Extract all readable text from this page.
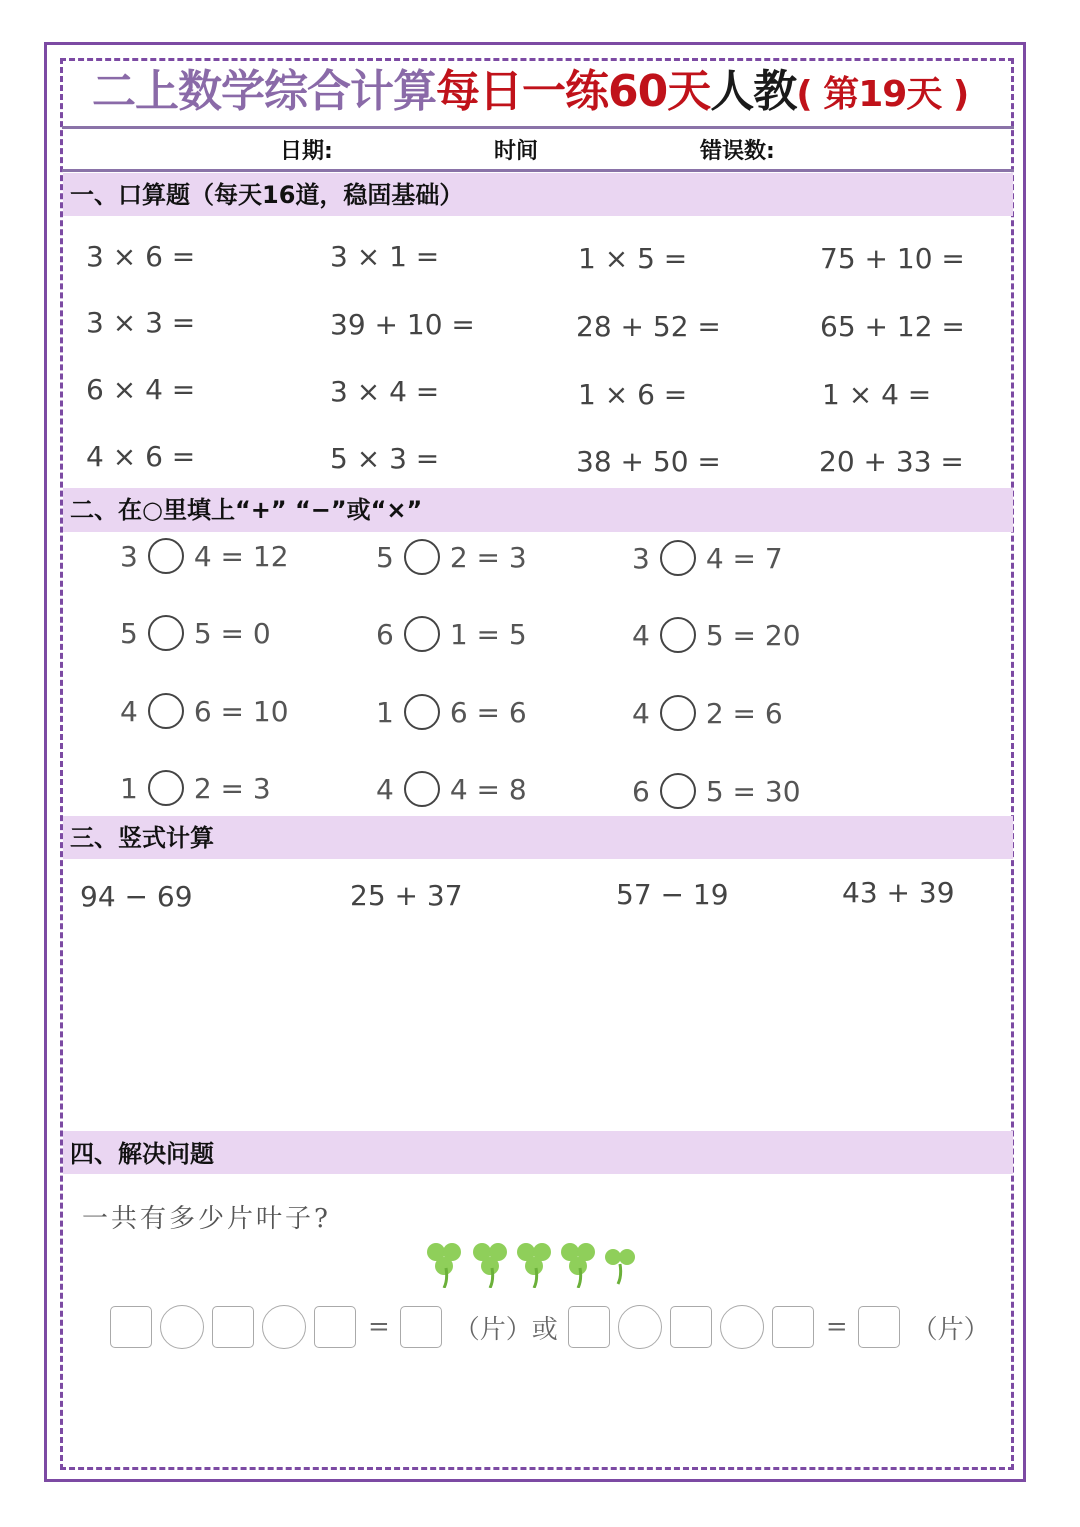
二上数学综合计算每日一练60天人教( 第19天 )
日期:	时间	错误数:
一、口算题（每天16道，稳固基础）
3 × 6 =	3 × 1 =	1 × 5 =	75 + 10 =
3 × 3 =	39 + 10 =	28 + 52 =	65 + 12 =
6 × 4 =	3 × 4 =	1 × 6 =	1 × 4 =
4 × 6 =	5 × 3 =	38 + 50 =	20 + 33 =
二、在○里填上“+” “−”或“×”
3 4 = 12	5 2 = 3	3 4 = 7
5 5 = 0	6 1 = 5	4 5 = 20
4 6 = 10	1 6 = 6	4 2 = 6
1 2 = 3	4 4 = 8	6 5 = 30
三、竖式计算
94 − 69	25 + 37	57 − 19	43 + 39
四、解决问题
一共有多少片叶子?
= （片）或	= （片）
